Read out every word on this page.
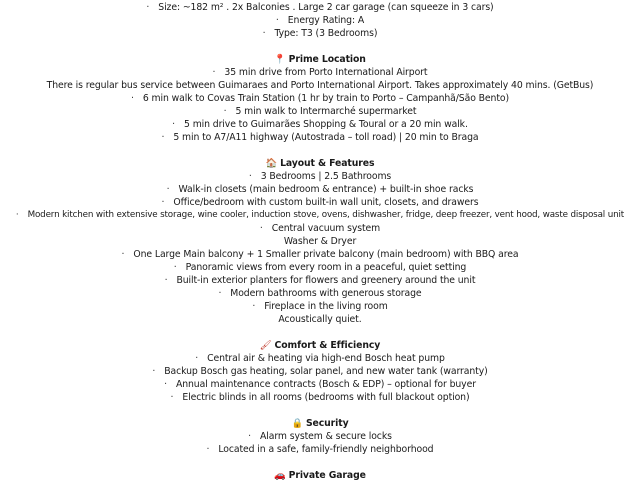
· Size: ~182 m² . 2x Balconies . Large 2 car garage (can squeeze in 3 cars)
· Energy Rating: A
· Type: T3 (3 Bedrooms)
📍 Prime Location
· 35 min drive from Porto International Airport
There is regular bus service between Guimaraes and Porto International Airport. Takes approximately 40 mins. (GetBus)
· 6 min walk to Covas Train Station (1 hr by train to Porto – Campanhã/São Bento)
· 5 min walk to Intermarché supermarket
· 5 min drive to Guimarães Shopping & Toural or a 20 min walk.
· 5 min to A7/A11 highway (Autostrada – toll road) | 20 min to Braga
🏠 Layout & Features
· 3 Bedrooms | 2.5 Bathrooms
· Walk-in closets (main bedroom & entrance) + built-in shoe racks
· Office/bedroom with custom built-in wall unit, closets, and drawers
· Modern kitchen with extensive storage, wine cooler, induction stove, ovens, dishwasher, fridge, deep freezer, vent hood, waste disposal unit
· Central vacuum system
Washer & Dryer
· One Large Main balcony + 1 Smaller private balcony (main bedroom) with BBQ area
· Panoramic views from every room in a peaceful, quiet setting
· Built-in exterior planters for flowers and greenery around the unit
· Modern bathrooms with generous storage
· Fireplace in the living room
Acoustically quiet.
🖌 Comfort & Efficiency
· Central air & heating via high-end Bosch heat pump
· Backup Bosch gas heating, solar panel, and new water tank (warranty)
· Annual maintenance contracts (Bosch & EDP) – optional for buyer
· Electric blinds in all rooms (bedrooms with full blackout option)
🔒 Security
· Alarm system & secure locks
· Located in a safe, family-friendly neighborhood
🚗 Private Garage
